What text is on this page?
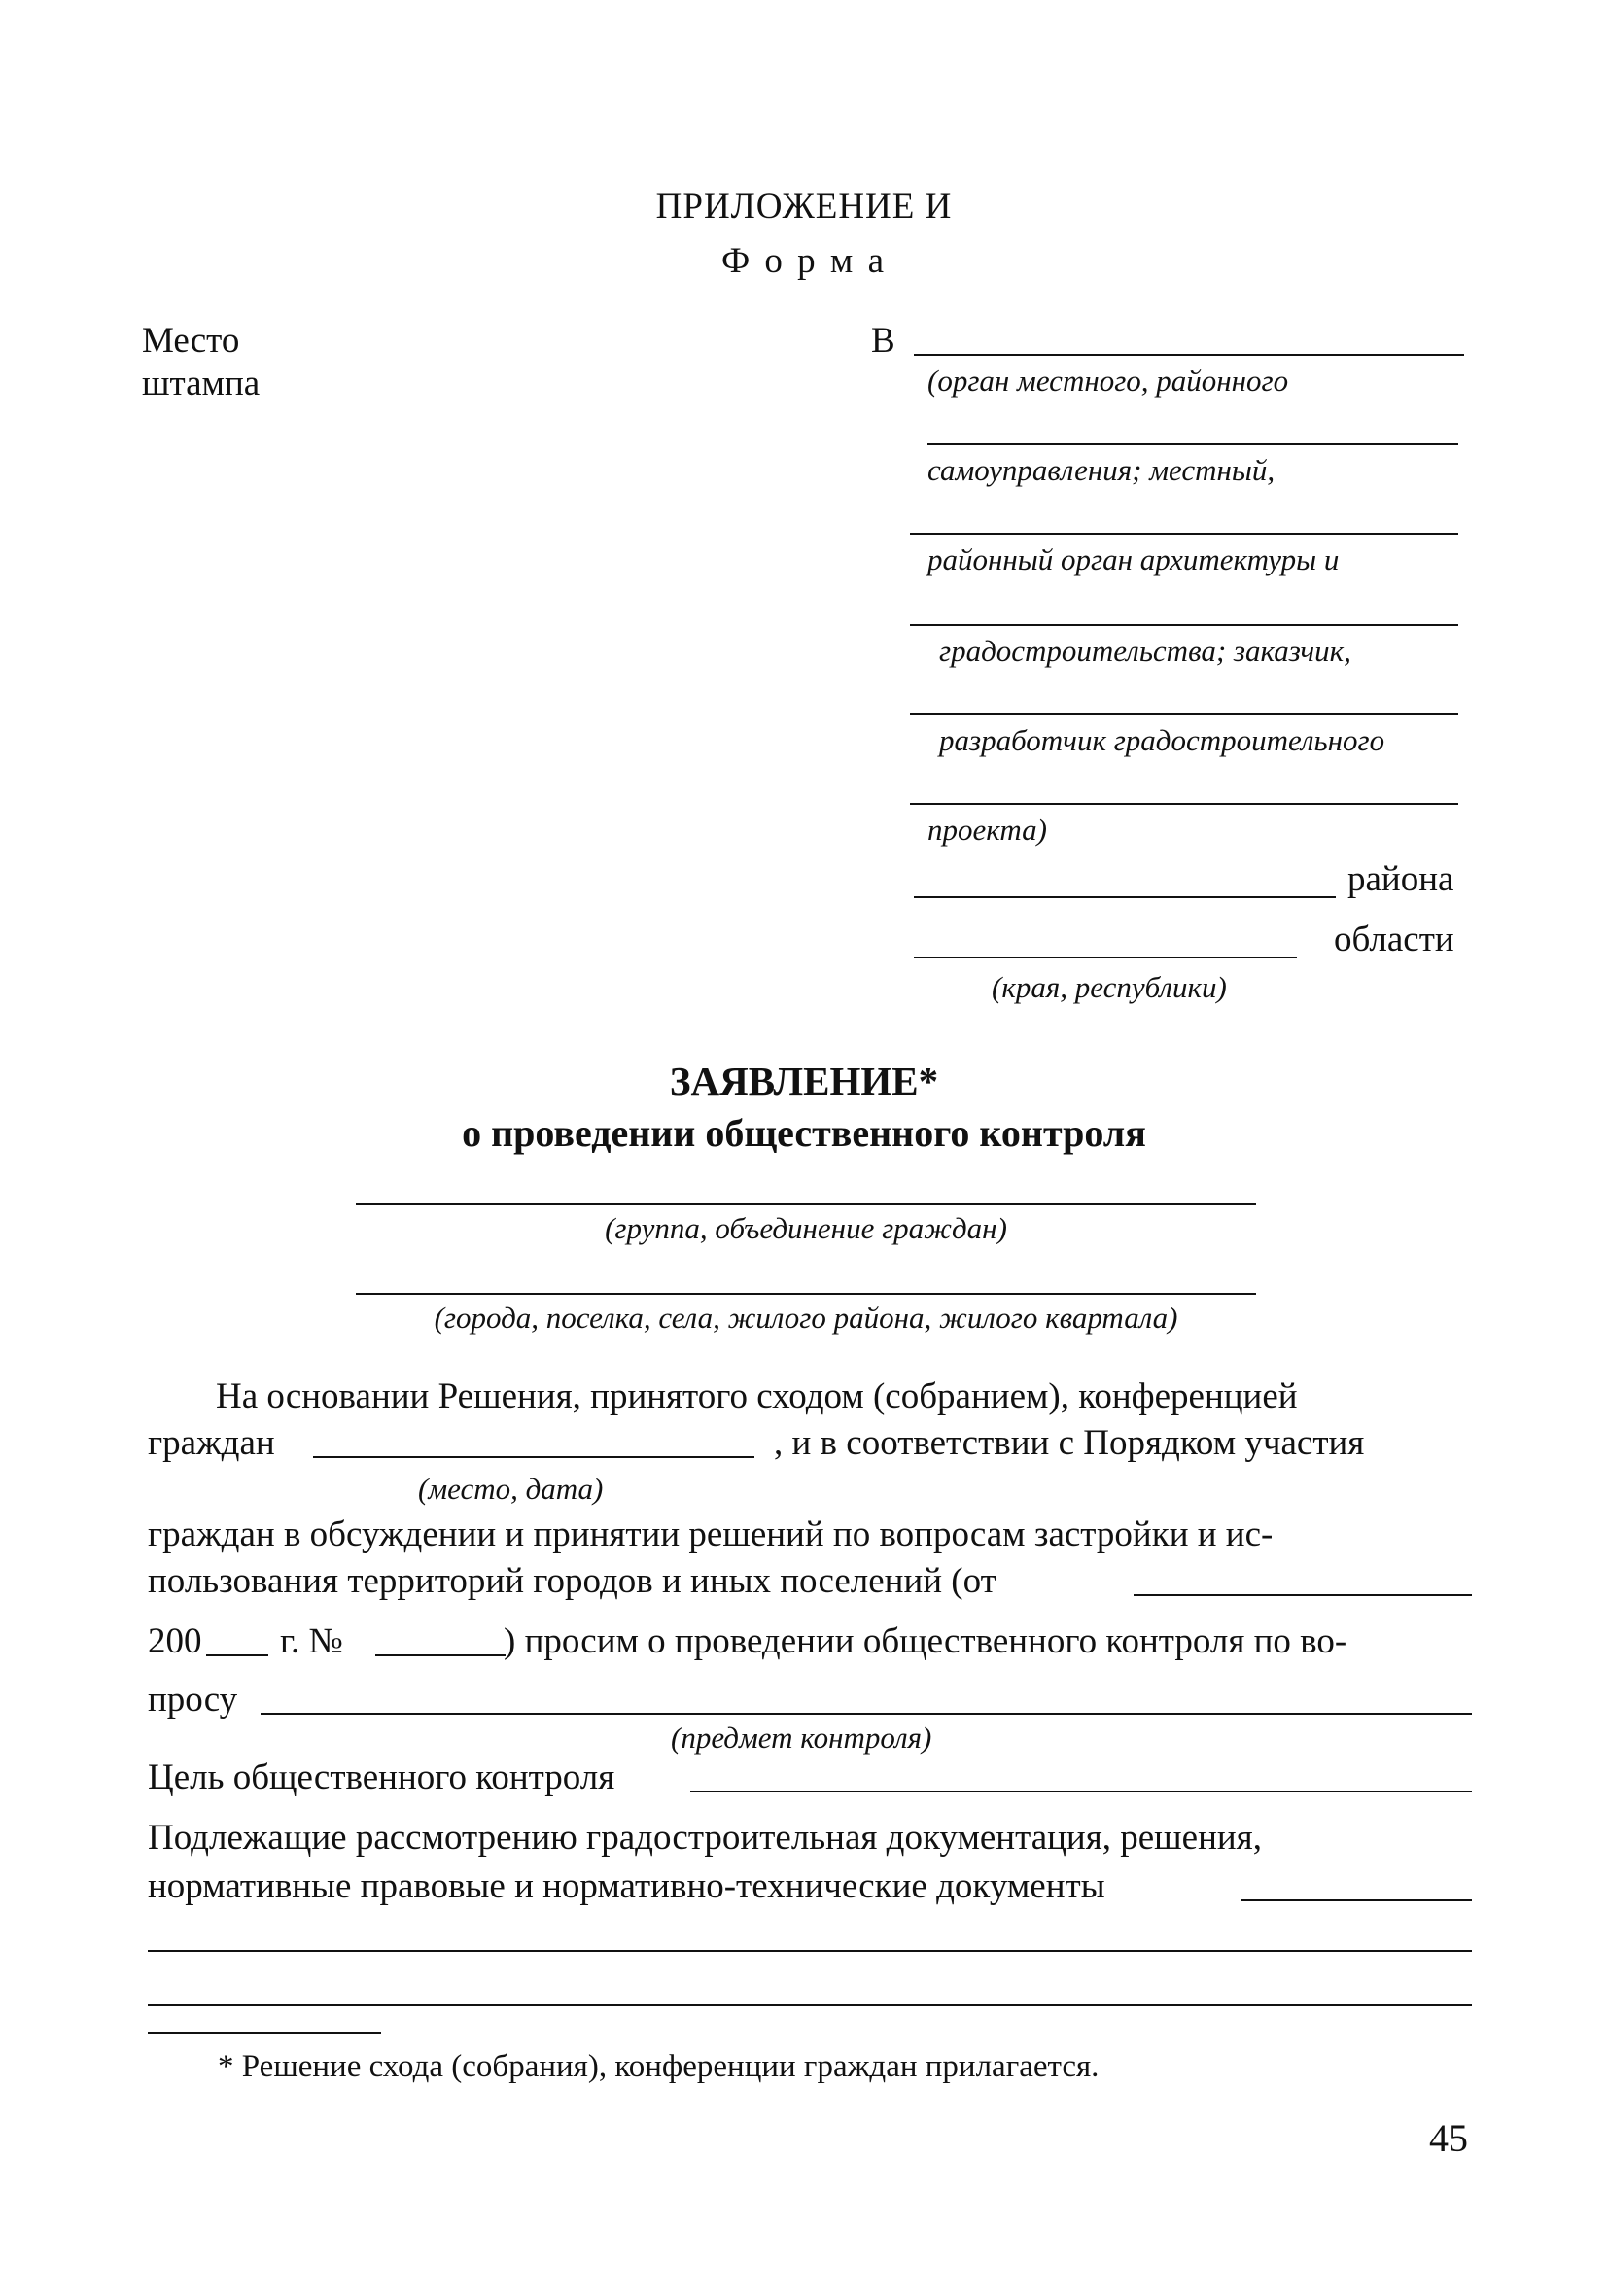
ПРИЛОЖЕНИЕ И
Ф о р м а
Место
штампа
В
(орган местного, районного
самоуправления; местный,
районный орган архитектуры и
градостроительства; заказчик,
разработчик градостроительного
проекта)
района
области
(края, республики)
ЗАЯВЛЕНИЕ*
о проведении общественного контроля
(группа, объединение граждан)
(города, поселка, села, жилого района, жилого квартала)
На основании Решения, принятого сходом (собранием), конференцией
граждан	, и в соответствии с Порядком участия
(место, дата)
граждан в обсуждении и принятии решений по вопросам застройки и ис-
пользования территорий городов и иных поселений (от
200 г. №	) просим о проведении общественного контроля по во-
просу
(предмет контроля)
Цель общественного контроля
Подлежащие рассмотрению градостроительная документация, решения,
нормативные правовые и нормативно-технические документы
* Решение схода (собрания), конференции граждан прилагается.
45
